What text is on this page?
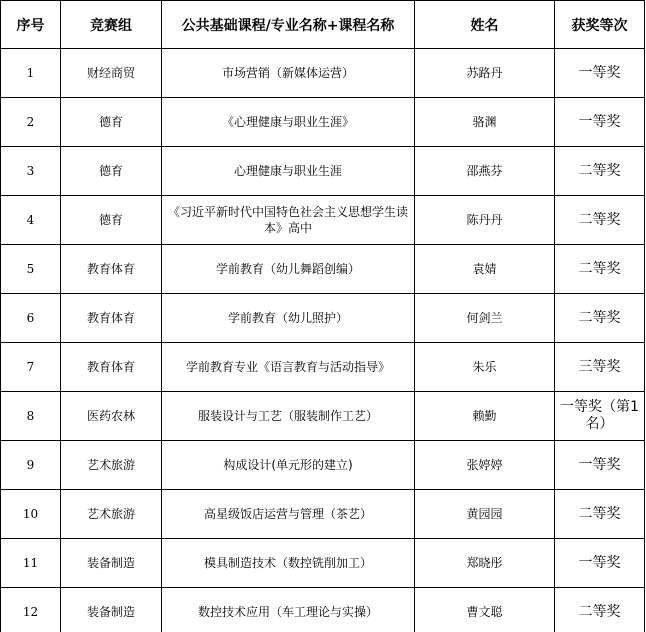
序号	竞赛组	公共基础课程/专业名称+课程名称	姓名	获奖等次
1	财经商贸	市场营销（新媒体运营）	苏路丹	一等奖
2	德育	《心理健康与职业生涯》	骆渊	一等奖
3	德育	心理健康与职业生涯	邵燕芬	二等奖
4	德育	《习近平新时代中国特色社会主义思想学生读本》高中	陈丹丹	二等奖
5	教育体育	学前教育（幼儿舞蹈创编）	袁婧	二等奖
6	教育体育	学前教育（幼儿照护）	何剑兰	二等奖
7	教育体育	学前教育专业《语言教育与活动指导》	朱乐	三等奖
8	医药农林	服装设计与工艺（服装制作工艺）	赖勤	一等奖（第1名）
9	艺术旅游	构成设计(单元形的建立)	张婷婷	一等奖
10	艺术旅游	高星级饭店运营与管理（茶艺）	黄园园	二等奖
11	装备制造	模具制造技术（数控铣削加工）	郑晓彤	一等奖
12	装备制造	数控技术应用（车工理论与实操）	曹文聪	二等奖
